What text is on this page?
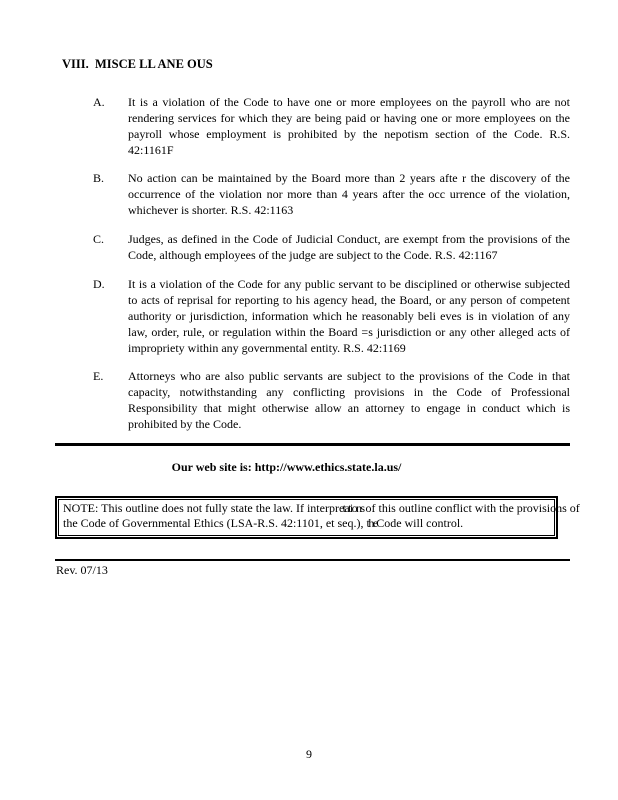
VIII. MISCE LL ANE OUS
A.	It is a violation of the Code to have one or more employees on the payroll who are not rendering services for which they are being paid or having one or more employees on the payroll whose employment is prohibited by the nepotism section of the Code. R.S. 42:1161F
B.	No action can be maintained by the Board more than 2 years afte r the discovery of the occurrence of the violation nor more than 4 years after the occ urrence of the violation, whichever is shorter. R.S. 42:1163
C.	Judges, as defined in the Code of Judicial Conduct, are exempt from the provisions of the Code, although employees of the judge are subject to the Code. R.S. 42:1167
D.	It is a violation of the Code for any public servant to be disciplined or otherwise subjected to acts of reprisal for reporting to his agency head, the Board, or any person of competent authority or jurisdiction, information which he reasonably beli eves is in violation of any law, order, rule, or regulation within the Board =s jurisdiction or any other alleged acts of impropriety within any governmental entity. R.S. 42:1169
E.	Attorneys who are also public servants are subject to the provisions of the Code in that capacity, notwithstanding any conflicting provisions in the Code of Professional Responsibility that might otherwise allow an attorney to engage in conduct which is prohibited by the Code.
Our web site is: http://www.ethics.state.la.us/
NOTE: This outline does not fully state the law. If interpretations of this outline conflict with the provisions of
the Code of Governmental Ethics (LSA-R.S. 42:1101, et seq.), the Code will control.
Rev. 07/13
9
